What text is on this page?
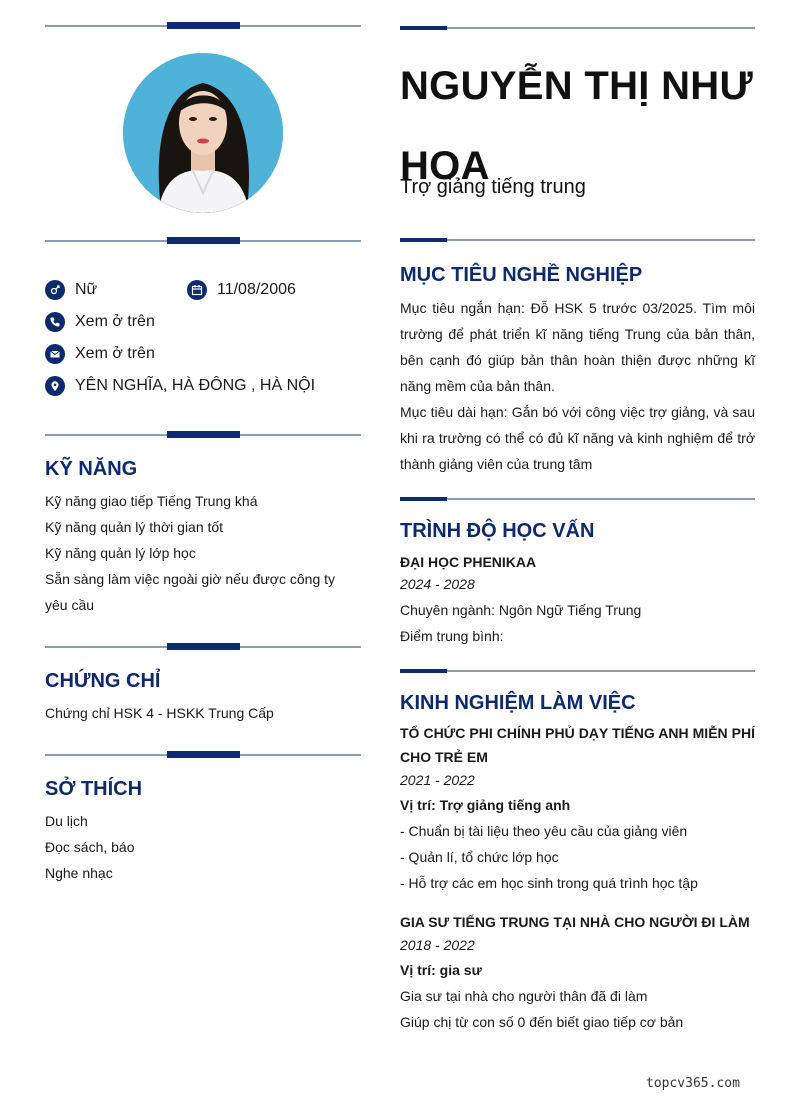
Nữ	11/08/2006
Xem ở trên
Xem ở trên
YÊN NGHĨA, HÀ ĐÔNG , HÀ NỘI
KỸ NĂNG
Kỹ năng giao tiếp Tiếng Trung khá
Kỹ năng quản lý thời gian tốt
Kỹ năng quản lý lớp học
Sẵn sàng làm việc ngoài giờ nếu được công ty yêu cầu
CHỨNG CHỈ
Chứng chỉ HSK 4 - HSKK Trung Cấp
SỞ THÍCH
Du lịch
Đọc sách, báo
Nghe nhạc
NGUYỄN THỊ NHƯ HOA
Trợ giảng tiếng trung
MỤC TIÊU NGHỀ NGHIỆP
Mục tiêu ngắn hạn: Đỗ HSK 5 trước 03/2025. Tìm môi trường để phát triển kĩ năng tiếng Trung của bản thân, bên cạnh đó giúp bản thân hoàn thiện được những kĩ năng mềm của bản thân.
Mục tiêu dài hạn: Gắn bó với công việc trợ giảng, và sau khi ra trường có thể có đủ kĩ năng và kinh nghiệm để trở thành giảng viên của trung tâm
TRÌNH ĐỘ HỌC VẤN
ĐẠI HỌC PHENIKAA
2024 - 2028
Chuyên ngành: Ngôn Ngữ Tiếng Trung
Điểm trung bình:
KINH NGHIỆM LÀM VIỆC
TỔ CHỨC PHI CHÍNH PHỦ DẠY TIẾNG ANH MIỄN PHÍ CHO TRẺ EM
2021 - 2022
Vị trí: Trợ giảng tiếng anh
- Chuẩn bị tài liệu theo yêu cầu của giảng viên
- Quản lí, tổ chức lớp học
- Hỗ trợ các em học sinh trong quá trình học tập
GIA SƯ TIẾNG TRUNG TẠI NHÀ CHO NGƯỜI ĐI LÀM
2018 - 2022
Vị trí: gia sư
Gia sư tại nhà cho người thân đã đi làm
Giúp chị từ con số 0 đến biết giao tiếp cơ bản
topcv365.com
